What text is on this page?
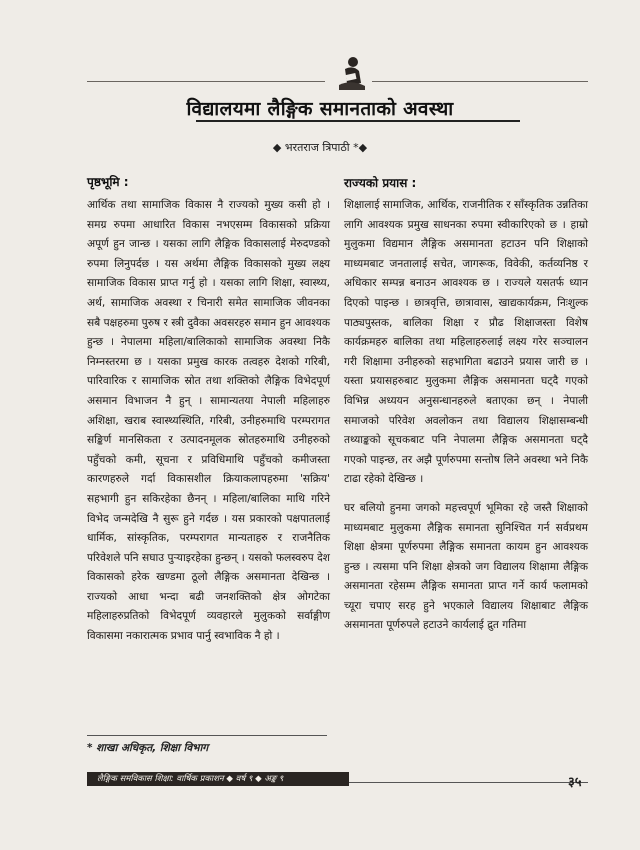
विद्यालयमा लैङ्गिक समानताको अवस्था
◆ भरतराज त्रिपाठी *◆
पृष्ठभूमि :

आर्थिक तथा सामाजिक विकास नै राज्यको मुख्य कसी हो । समग्र रुपमा आधारित विकास नभएसम्म विकासको प्रक्रिया अपूर्ण हुन जान्छ । यसका लागि लैङ्गिक विकासलाई मेरुदण्डको रुपमा लिनुपर्दछ । यस अर्थमा लैङ्गिक विकासको मुख्य लक्ष्य सामाजिक विकास प्राप्त गर्नु हो । यसका लागि शिक्षा, स्वास्थ्य, अर्थ, सामाजिक अवस्था र चिनारी समेत सामाजिक जीवनका सबै पक्षहरुमा पुरुष र स्त्री दुवैका अवसरहरु समान हुन आवश्यक हुन्छ । नेपालमा महिला/बालिकाको सामाजिक अवस्था निकै निम्नस्तरमा छ । यसका प्रमुख कारक तत्वहरु देशको गरिबी, पारिवारिक र सामाजिक स्रोत तथा शक्तिको लैङ्गिक विभेदपूर्ण असमान विभाजन नै हुन् । सामान्यतया नेपाली महिलाहरु अशिक्षा, खराब स्वास्थ्यस्थिति, गरिबी, उनीहरुमाथि परम्परागत सङ्किर्ण मानसिकता र उत्पादनमूलक स्रोतहरुमाथि उनीहरुको पहुँचको कमी, सूचना र प्रविधिमाथि पहुँचको कमीजस्ता कारणहरुले गर्दा विकासशील क्रियाकलापहरुमा 'सक्रिय' सहभागी हुन सकिरहेका छैनन् । महिला/बालिका माथि गरिने विभेद जन्मदेखि नै सुरू हुने गर्दछ । यस प्रकारको पक्षपातलाई धार्मिक, सांस्कृतिक, परम्परागत मान्यताहरु र राजनैतिक परिवेशले पनि सघाउ पुऱ्याइरहेका हुन्छन् । यसको फलस्वरुप देश विकासको हरेक खण्डमा ठूलो लैङ्गिक असमानता देखिन्छ । राज्यको आधा भन्दा बढी जनशक्तिको क्षेत्र ओगटेका महिलाहरुप्रतिको विभेदपूर्ण व्यवहारले मुलुकको सर्वाङ्गीण विकासमा नकारात्मक प्रभाव पार्नु स्वभाविक नै हो ।

राज्यको प्रयास :

शिक्षालाई सामाजिक, आर्थिक, राजनीतिक र साँस्कृतिक उन्नतिका लागि आवश्यक प्रमुख साधनका रुपमा स्वीकारिएको छ । हाम्रो मुलुकमा विद्यमान लैङ्गिक असमानता हटाउन पनि शिक्षाको माध्यमबाट जनतालाई सचेत, जागरूक, विवेकी, कर्तव्यनिष्ठ र अधिकार सम्पन्न बनाउन आवश्यक छ । राज्यले यसतर्फ ध्यान दिएको पाइन्छ । छात्रवृत्ति, छात्रावास, खाद्यकार्यक्रम, निःशुल्क पाठ्यपुस्तक, बालिका शिक्षा र प्रौढ शिक्षाजस्ता विशेष कार्यक्रमहरु बालिका तथा महिलाहरुलाई लक्ष्य गरेर सञ्चालन गरी शिक्षामा उनीहरुको सहभागिता बढाउने प्रयास जारी छ । यस्ता प्रयासहरुबाट मुलुकमा लैङ्गिक असमानता घट्दै गएको विभिन्न अध्ययन अनुसन्धानहरुले बताएका छन् । नेपाली समाजको परिवेश अवलोकन तथा विद्यालय शिक्षासम्बन्धी तथ्याङ्कको सूचकबाट पनि नेपालमा लैङ्गिक असमानता घट्दै गएको पाइन्छ, तर अझै पूर्णरुपमा सन्तोष लिने अवस्था भने निकै टाढा रहेको देखिन्छ ।

घर बलियो हुनमा जगको महत्त्वपूर्ण भूमिका रहे जस्तै शिक्षाको माध्यमबाट मुलुकमा लैङ्गिक समानता सुनिश्चित गर्न सर्वप्रथम शिक्षा क्षेत्रमा पूर्णरुपमा लैङ्गिक समानता कायम हुन आवश्यक हुन्छ । त्यसमा पनि शिक्षा क्षेत्रको जग विद्यालय शिक्षामा लैङ्गिक असमानता रहेसम्म लैङ्गिक समानता प्राप्त गर्ने कार्य फलामको च्यूरा चपाए सरह हुने भएकाले विद्यालय शिक्षाबाट लैङ्गिक असमानता पूर्णरुपले हटाउने कार्यलाई द्रुत गतिमा

* शाखा अधिकृत, शिक्षा विभाग
लैङ्गिक समविकास शिक्षा: वार्षिक प्रकाशन ◆ वर्ष ९ ◆ अङ्क ९	३५
